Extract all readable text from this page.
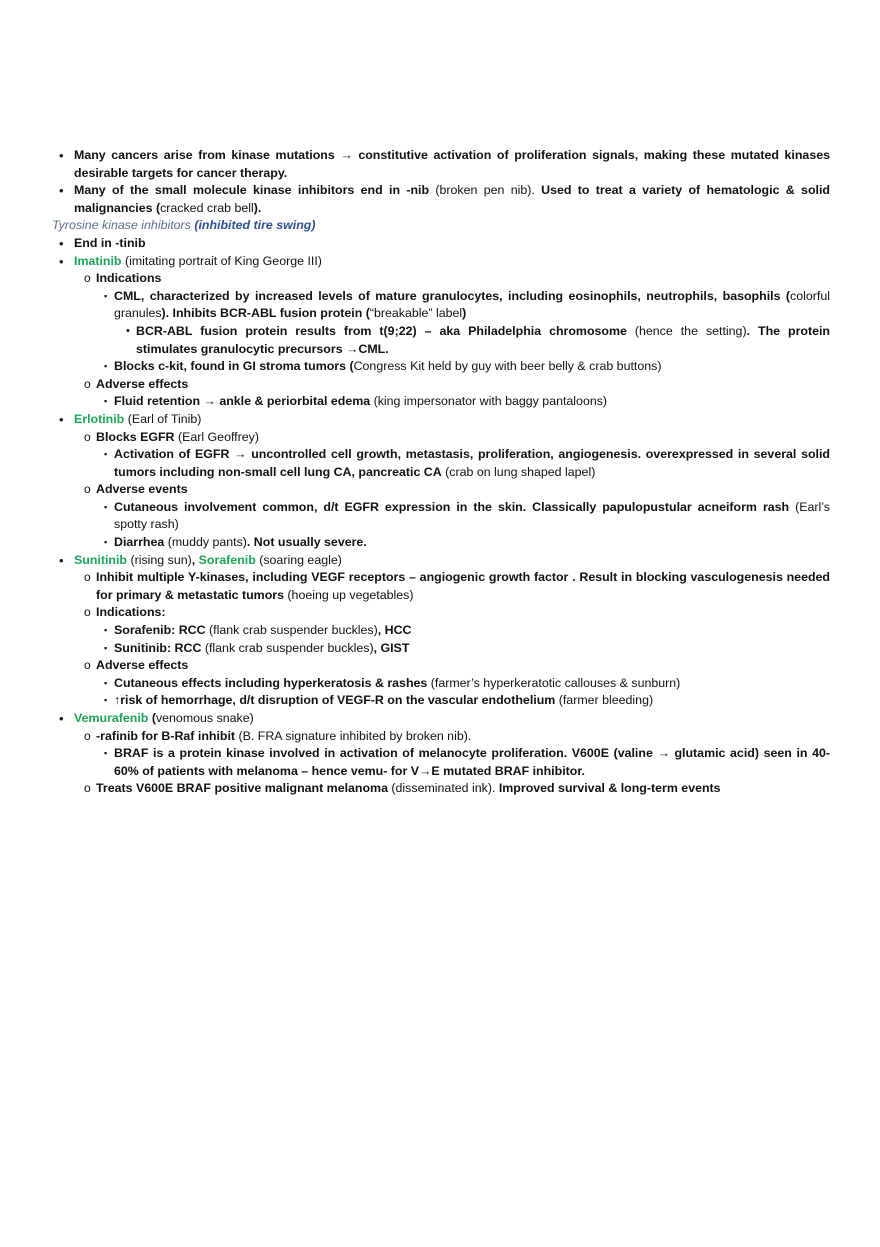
• Many cancers arise from kinase mutations → constitutive activation of proliferation signals, making these mutated kinases desirable targets for cancer therapy.
• Many of the small molecule kinase inhibitors end in -nib (broken pen nib). Used to treat a variety of hematologic & solid malignancies (cracked crab bell).
Tyrosine kinase inhibitors (inhibited tire swing)
• End in -tinib
• Imatinib (imitating portrait of King George III)
o Indications
▪ CML, characterized by increased levels of mature granulocytes, including eosinophils, neutrophils, basophils (colorful granules). Inhibits BCR-ABL fusion protein (“breakable” label)
• BCR-ABL fusion protein results from t(9;22) – aka Philadelphia chromosome (hence the setting). The protein stimulates granulocytic precursors →CML.
▪ Blocks c-kit, found in GI stroma tumors (Congress Kit held by guy with beer belly & crab buttons)
o Adverse effects
▪ Fluid retention → ankle & periorbital edema (king impersonator with baggy pantaloons)
• Erlotinib (Earl of Tinib)
o Blocks EGFR (Earl Geoffrey)
▪ Activation of EGFR → uncontrolled cell growth, metastasis, proliferation, angiogenesis. overexpressed in several solid tumors including non-small cell lung CA, pancreatic CA (crab on lung shaped lapel)
o Adverse events
▪ Cutaneous involvement common, d/t EGFR expression in the skin. Classically papulopustular acneiform rash (Earl’s spotty rash)
▪ Diarrhea (muddy pants). Not usually severe.
• Sunitinib (rising sun), Sorafenib (soaring eagle)
o Inhibit multiple Y-kinases, including VEGF receptors – angiogenic growth factor . Result in blocking vasculogenesis needed for primary & metastatic tumors (hoeing up vegetables)
o Indications:
▪ Sorafenib: RCC (flank crab suspender buckles), HCC
▪ Sunitinib: RCC (flank crab suspender buckles), GIST
o Adverse effects
▪ Cutaneous effects including hyperkeratosis & rashes (farmer’s hyperkeratotic callouses & sunburn)
▪ ↑risk of hemorrhage, d/t disruption of VEGF-R on the vascular endothelium (farmer bleeding)
• Vemurafenib (venomous snake)
o -rafinib for B-Raf inhibit (B. FRA signature inhibited by broken nib).
▪ BRAF is a protein kinase involved in activation of melanocyte proliferation. V600E (valine → glutamic acid) seen in 40-60% of patients with melanoma – hence vemu- for V→E mutated BRAF inhibitor.
o Treats V600E BRAF positive malignant melanoma (disseminated ink). Improved survival & long-term events
